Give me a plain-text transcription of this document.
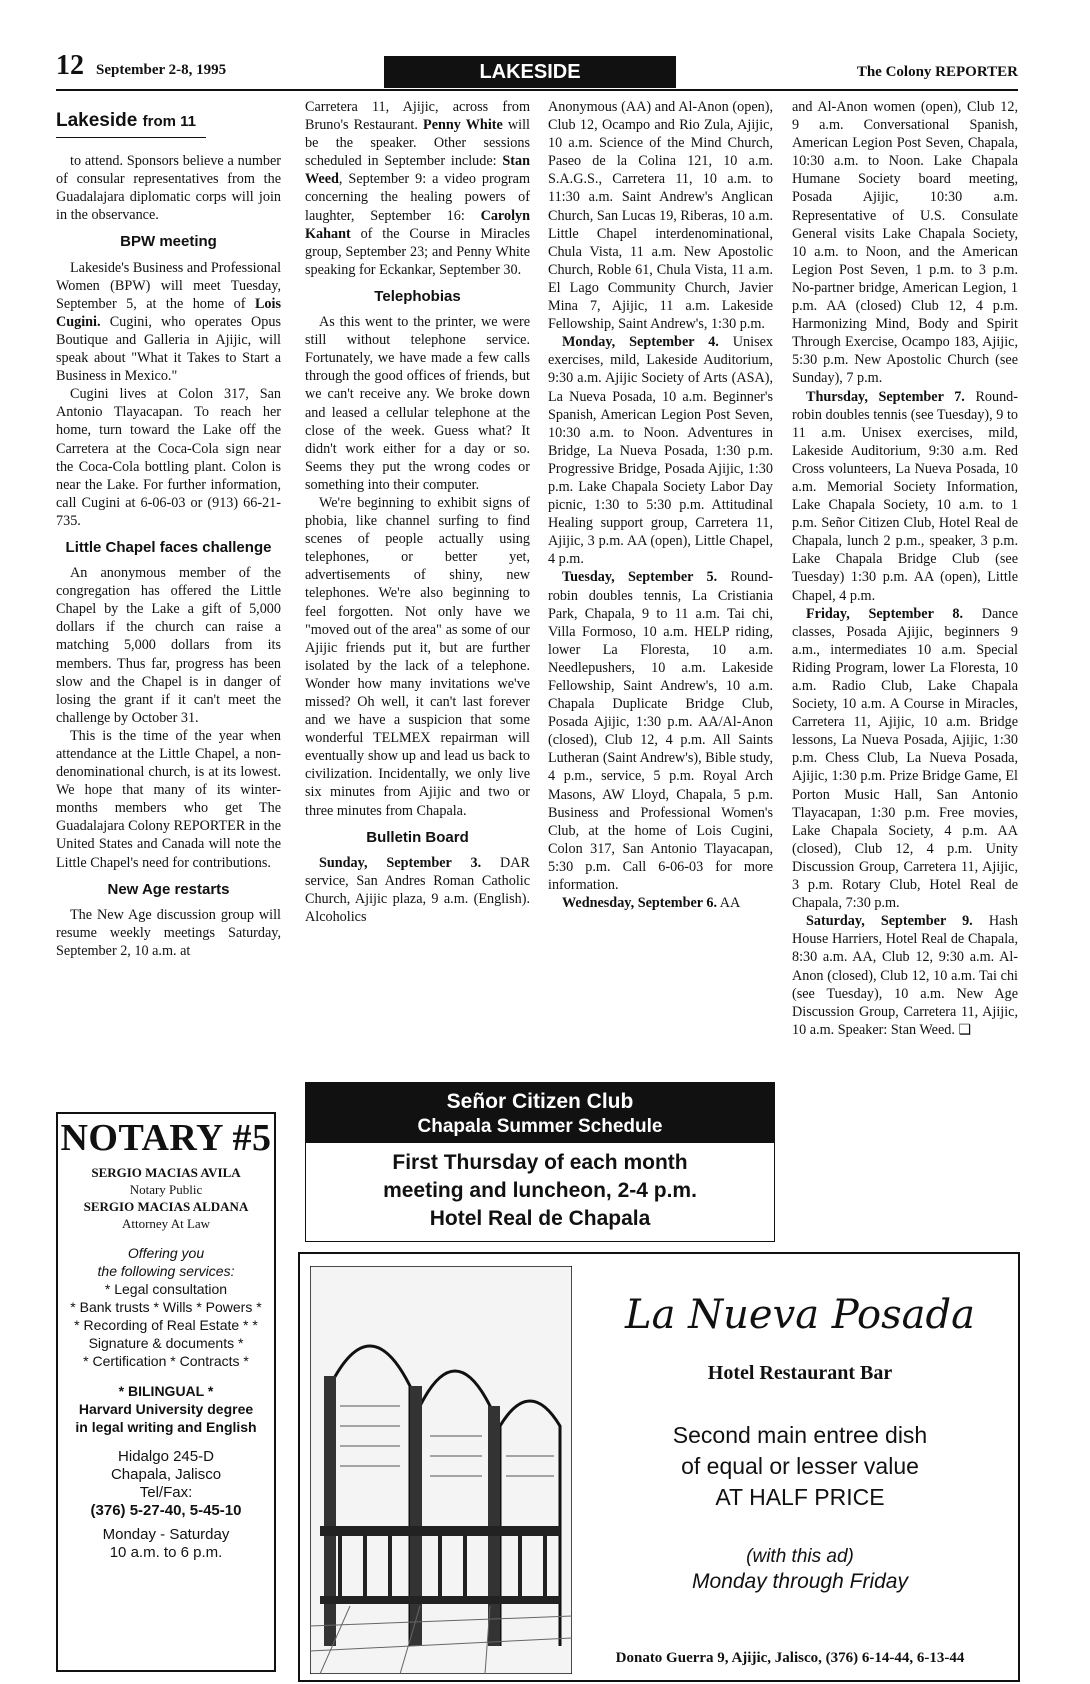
12 September 2-8, 1995	LAKESIDE	The Colony REPORTER
Lakeside from 11

to attend. Sponsors believe a number of consular representatives from the Guadalajara diplomatic corps will join in the observance.

BPW meeting

Lakeside's Business and Professional Women (BPW) will meet Tuesday, September 5, at the home of Lois Cugini. Cugini, who operates Opus Boutique and Galleria in Ajijic, will speak about "What it Takes to Start a Business in Mexico."

Cugini lives at Colon 317, San Antonio Tlayacapan. To reach her home, turn toward the Lake off the Carretera at the Coca-Cola sign near the Coca-Cola bottling plant. Colon is near the Lake. For further information, call Cugini at 6-06-03 or (913) 66-21-735.

Little Chapel faces challenge

An anonymous member of the congregation has offered the Little Chapel by the Lake a gift of 5,000 dollars if the church can raise a matching 5,000 dollars from its members. Thus far, progress has been slow and the Chapel is in danger of losing the grant if it can't meet the challenge by October 31.

This is the time of the year when attendance at the Little Chapel, a non-denominational church, is at its lowest. We hope that many of its winter-months members who get The Guadalajara Colony REPORTER in the United States and Canada will note the Little Chapel's need for contributions.

New Age restarts

The New Age discussion group will resume weekly meetings Saturday, September 2, 10 a.m. at

Carretera 11, Ajijic, across from Bruno's Restaurant. Penny White will be the speaker. Other sessions scheduled in September include: Stan Weed, September 9: a video program concerning the healing powers of laughter, September 16: Carolyn Kahant of the Course in Miracles group, September 23; and Penny White speaking for Eckankar, September 30.

Telephobias

As this went to the printer, we were still without telephone service. Fortunately, we have made a few calls through the good offices of friends, but we can't receive any. We broke down and leased a cellular telephone at the close of the week. Guess what? It didn't work either for a day or so. Seems they put the wrong codes or something into their computer.

We're beginning to exhibit signs of phobia, like channel surfing to find scenes of people actually using telephones, or better yet, advertisements of shiny, new telephones. We're also beginning to feel forgotten. Not only have we "moved out of the area" as some of our Ajijic friends put it, but are further isolated by the lack of a telephone. Wonder how many invitations we've missed? Oh well, it can't last forever and we have a suspicion that some wonderful TELMEX repairman will eventually show up and lead us back to civilization. Incidentally, we only live six minutes from Ajijic and two or three minutes from Chapala.

Bulletin Board

Sunday, September 3. DAR service, San Andres Roman Catholic Church, Ajijic plaza, 9 a.m. (English). Alcoholics

Anonymous (AA) and Al-Anon (open), Club 12, Ocampo and Rio Zula, Ajijic, 10 a.m. Science of the Mind Church, Paseo de la Colina 121, 10 a.m. S.A.G.S., Carretera 11, 10 a.m. to 11:30 a.m. Saint Andrew's Anglican Church, San Lucas 19, Riberas, 10 a.m. Little Chapel interdenominational, Chula Vista, 11 a.m. New Apostolic Church, Roble 61, Chula Vista, 11 a.m. El Lago Community Church, Javier Mina 7, Ajijic, 11 a.m. Lakeside Fellowship, Saint Andrew's, 1:30 p.m.

Monday, September 4. Unisex exercises, mild, Lakeside Auditorium, 9:30 a.m. Ajijic Society of Arts (ASA), La Nueva Posada, 10 a.m. Beginner's Spanish, American Legion Post Seven, 10:30 a.m. to Noon. Adventures in Bridge, La Nueva Posada, 1:30 p.m. Progressive Bridge, Posada Ajijic, 1:30 p.m. Lake Chapala Society Labor Day picnic, 1:30 to 5:30 p.m. Attitudinal Healing support group, Carretera 11, Ajijic, 3 p.m. AA (open), Little Chapel, 4 p.m.

Tuesday, September 5. Round-robin doubles tennis, La Cristiania Park, Chapala, 9 to 11 a.m. Tai chi, Villa Formoso, 10 a.m. HELP riding, lower La Floresta, 10 a.m. Needlepushers, 10 a.m. Lakeside Fellowship, Saint Andrew's, 10 a.m. Chapala Duplicate Bridge Club, Posada Ajijic, 1:30 p.m. AA/Al-Anon (closed), Club 12, 4 p.m. All Saints Lutheran (Saint Andrew's), Bible study, 4 p.m., service, 5 p.m. Royal Arch Masons, AW Lloyd, Chapala, 5 p.m. Business and Professional Women's Club, at the home of Lois Cugini, Colon 317, San Antonio Tlayacapan, 5:30 p.m. Call 6-06-03 for more information.

Wednesday, September 6. AA

and Al-Anon women (open), Club 12, 9 a.m. Conversational Spanish, American Legion Post Seven, Chapala, 10:30 a.m. to Noon. Lake Chapala Humane Society board meeting, Posada Ajijic, 10:30 a.m. Representative of U.S. Consulate General visits Lake Chapala Society, 10 a.m. to Noon, and the American Legion Post Seven, 1 p.m. to 3 p.m. No-partner bridge, American Legion, 1 p.m. AA (closed) Club 12, 4 p.m. Harmonizing Mind, Body and Spirit Through Exercise, Ocampo 183, Ajijic, 5:30 p.m. New Apostolic Church (see Sunday), 7 p.m.

Thursday, September 7. Round-robin doubles tennis (see Tuesday), 9 to 11 a.m. Unisex exercises, mild, Lakeside Auditorium, 9:30 a.m. Red Cross volunteers, La Nueva Posada, 10 a.m. Memorial Society Information, Lake Chapala Society, 10 a.m. to 1 p.m. Señor Citizen Club, Hotel Real de Chapala, lunch 2 p.m., speaker, 3 p.m. Lake Chapala Bridge Club (see Tuesday) 1:30 p.m. AA (open), Little Chapel, 4 p.m.

Friday, September 8. Dance classes, Posada Ajijic, beginners 9 a.m., intermediates 10 a.m. Special Riding Program, lower La Floresta, 10 a.m. Radio Club, Lake Chapala Society, 10 a.m. A Course in Miracles, Carretera 11, Ajijic, 10 a.m. Bridge lessons, La Nueva Posada, Ajijic, 1:30 p.m. Chess Club, La Nueva Posada, Ajijic, 1:30 p.m. Prize Bridge Game, El Porton Music Hall, San Antonio Tlayacapan, 1:30 p.m. Free movies, Lake Chapala Society, 4 p.m. AA (closed), Club 12, 4 p.m. Unity Discussion Group, Carretera 11, Ajijic, 3 p.m. Rotary Club, Hotel Real de Chapala, 7:30 p.m.

Saturday, September 9. Hash House Harriers, Hotel Real de Chapala, 8:30 a.m. AA, Club 12, 9:30 a.m. Al-Anon (closed), Club 12, 10 a.m. Tai chi (see Tuesday), 10 a.m. New Age Discussion Group, Carretera 11, Ajijic, 10 a.m. Speaker: Stan Weed. ❑

NOTARY #5
SERGIO MACIAS AVILA
Notary Public
SERGIO MACIAS ALDANA
Attorney At Law
Offering you
the following services:
* Legal consultation
* Bank trusts * Wills * Powers *
* Recording of Real Estate * *
Signature & documents *
* Certification * Contracts *
* BILINGUAL *
Harvard University degree
in legal writing and English
Hidalgo 245-D
Chapala, Jalisco
Tel/Fax:
(376) 5-27-40, 5-45-10
Monday - Saturday
10 a.m. to 6 p.m.
Señor Citizen Club
Chapala Summer Schedule
First Thursday of each month
meeting and luncheon, 2-4 p.m.
Hotel Real de Chapala
La Nueva Posada
Hotel Restaurant Bar
Second main entree dish
of equal or lesser value
AT HALF PRICE
(with this ad)
Monday through Friday
Donato Guerra 9, Ajijic, Jalisco, (376) 6-14-44, 6-13-44
